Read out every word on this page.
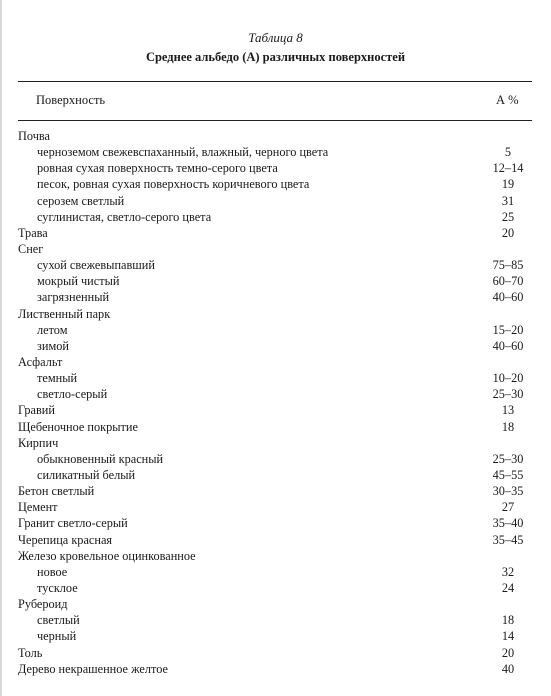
Таблица 8
Среднее альбедо (А) различных поверхностей
Поверхность	А %
Почва
черноземом свежевспаханный, влажный, черного цвета	5
ровная сухая поверхность темно-серого цвета	12–14
песок, ровная сухая поверхность коричневого цвета	19
серозем светлый	31
суглинистая, светло-серого цвета	25
Трава	20
Снег
сухой свежевыпавший	75–85
мокрый чистый	60–70
загрязненный	40–60
Лиственный парк
летом	15–20
зимой	40–60
Асфальт
темный	10–20
светло-серый	25–30
Гравий	13
Щебеночное покрытие	18
Кирпич
обыкновенный красный	25–30
силикатный белый	45–55
Бетон светлый	30–35
Цемент	27
Гранит светло-серый	35–40
Черепица красная	35–45
Железо кровельное оцинкованное
новое	32
тусклое	24
Рубероид
светлый	18
черный	14
Толь	20
Дерево некрашенное желтое	40
